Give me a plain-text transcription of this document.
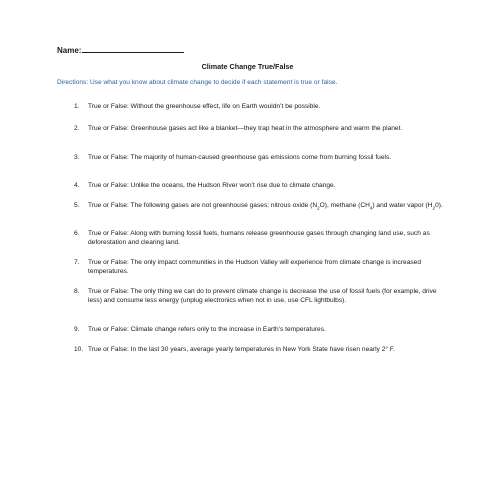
Name:
Climate Change True/False
Directions: Use what you know about climate change to decide if each statement is true or false.
1. True or False: Without the greenhouse effect, life on Earth wouldn’t be possible.
2. True or False: Greenhouse gases act like a blanket—they trap heat in the atmosphere and warm the planet.
3. True or False: The majority of human-caused greenhouse gas emissions come from burning fossil fuels.
4. True or False: Unlike the oceans, the Hudson River won’t rise due to climate change.
5. True or False: The following gases are not greenhouse gases: nitrous oxide $(N_2O)$, methane $(CH_4)$ and water vapor $(H_20)$.
6. True or False: Along with burning fossil fuels, humans release greenhouse gases through changing land use, such as deforestation and clearing land.
7. True or False: The only impact communities in the Hudson Valley will experience from climate change is increased temperatures.
8. True or False: The only thing we can do to prevent climate change is decrease the use of fossil fuels (for example, drive less) and consume less energy (unplug electronics when not in use, use CFL lightbulbs).
9. True or False: Climate change refers only to the increase in Earth’s temperatures.
10. True or False: In the last 30 years, average yearly temperatures in New York State have risen nearly 2° F.
